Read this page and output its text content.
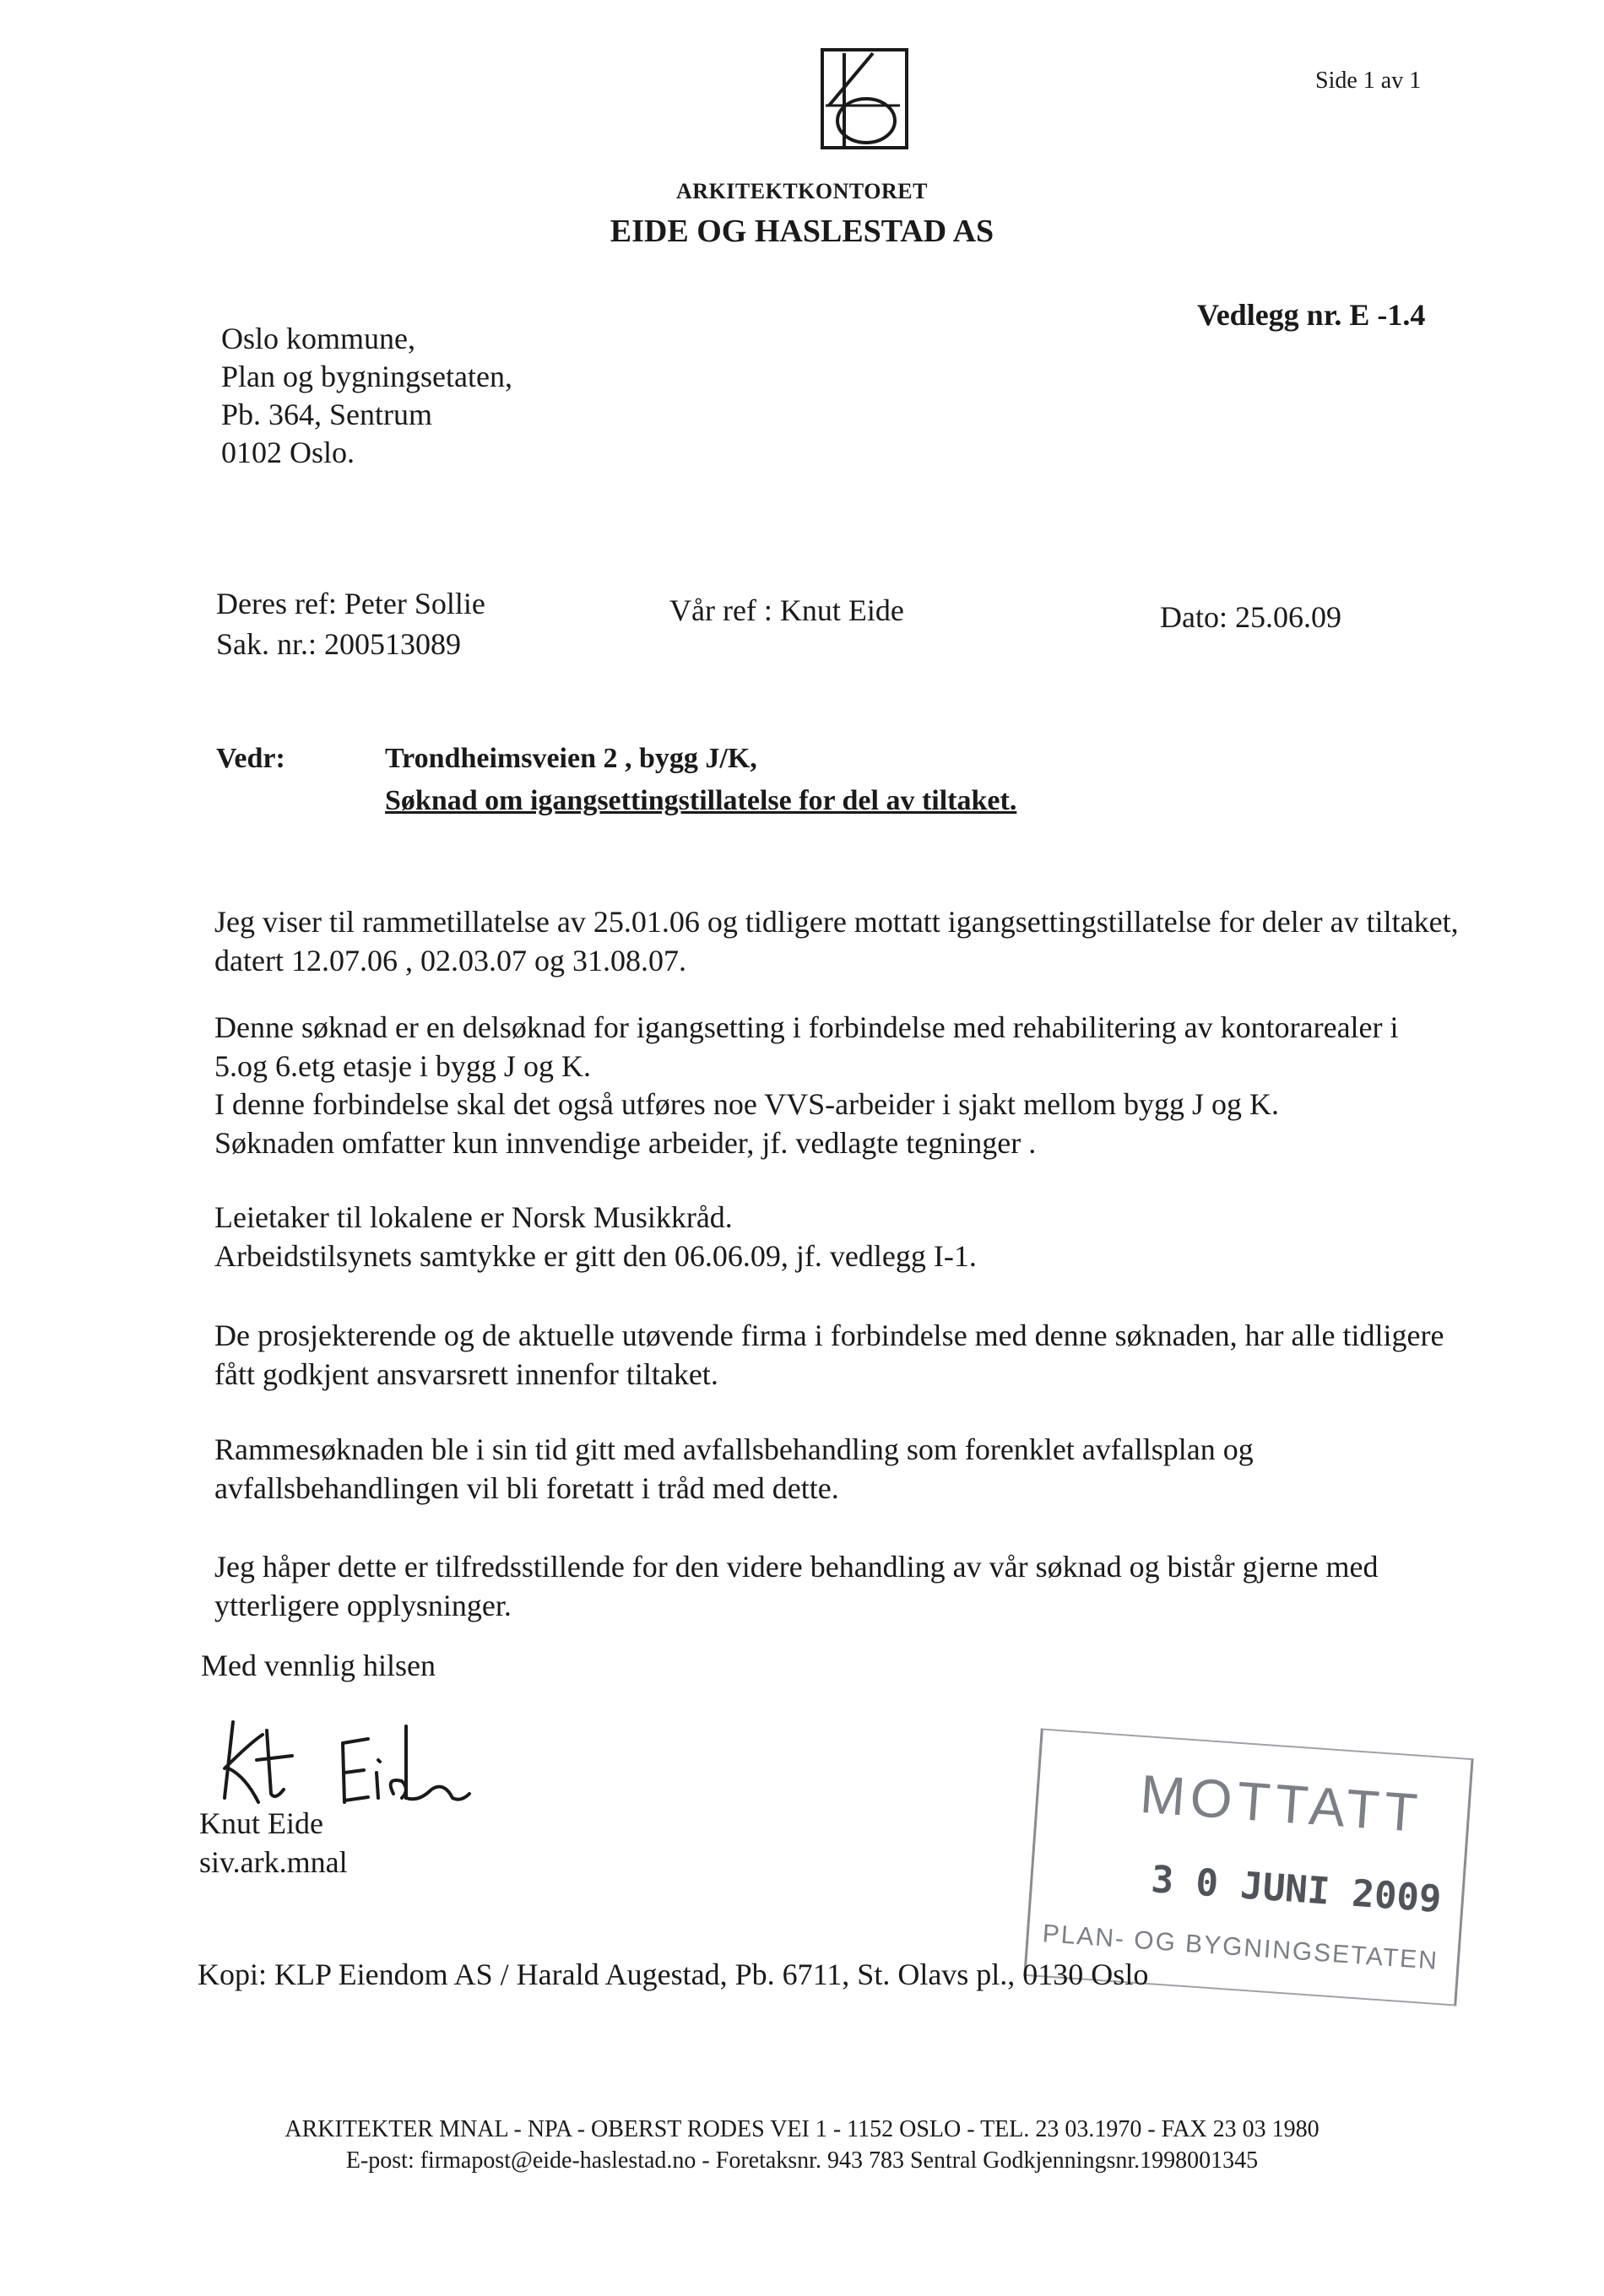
Side 1 av 1
ARKITEKTKONTORET
EIDE OG HASLESTAD AS
Oslo kommune,
Plan og bygningsetaten,
Pb. 364, Sentrum
0102 Oslo.
Vedlegg nr. E -1.4
Deres ref: Peter Sollie
Sak. nr.: 200513089
Vår ref : Knut Eide	Dato: 25.06.09
Vedr:	Trondheimsveien 2 , bygg J/K,
Søknad om igangsettingstillatelse for del av tiltaket.
Jeg viser til rammetillatelse av 25.01.06 og tidligere mottatt igangsettingstillatelse for deler av tiltaket, datert 12.07.06 , 02.03.07 og 31.08.07.
Denne søknad er en delsøknad for igangsetting i forbindelse med rehabilitering av kontorarealer i
5.og 6.etg etasje i bygg J og K.
I denne forbindelse skal det også utføres noe VVS-arbeider i sjakt mellom bygg J og K.
Søknaden omfatter kun innvendige arbeider, jf. vedlagte tegninger .
Leietaker til lokalene er Norsk Musikkråd.
Arbeidstilsynets samtykke er gitt den 06.06.09, jf. vedlegg I-1.
De prosjekterende og de aktuelle utøvende firma i forbindelse med denne søknaden, har alle tidligere fått godkjent ansvarsrett innenfor tiltaket.
Rammesøknaden ble i sin tid gitt med avfallsbehandling som forenklet avfallsplan og avfallsbehandlingen vil bli foretatt i tråd med dette.
Jeg håper dette er tilfredsstillende for den videre behandling av vår søknad og bistår gjerne med ytterligere opplysninger.
Med vennlig hilsen
Knut Eide
siv.ark.mnal
MOTTATT
3 0 JUNI 2009
PLAN- OG BYGNINGSETATEN
Kopi: KLP Eiendom AS / Harald Augestad, Pb. 6711, St. Olavs pl., 0130 Oslo
ARKITEKTER MNAL - NPA - OBERST RODES VEI 1 - 1152 OSLO - TEL. 23 03.1970 - FAX 23 03 1980
E-post: firmapost@eide-haslestad.no - Foretaksnr. 943 783 Sentral Godkjenningsnr.1998001345
